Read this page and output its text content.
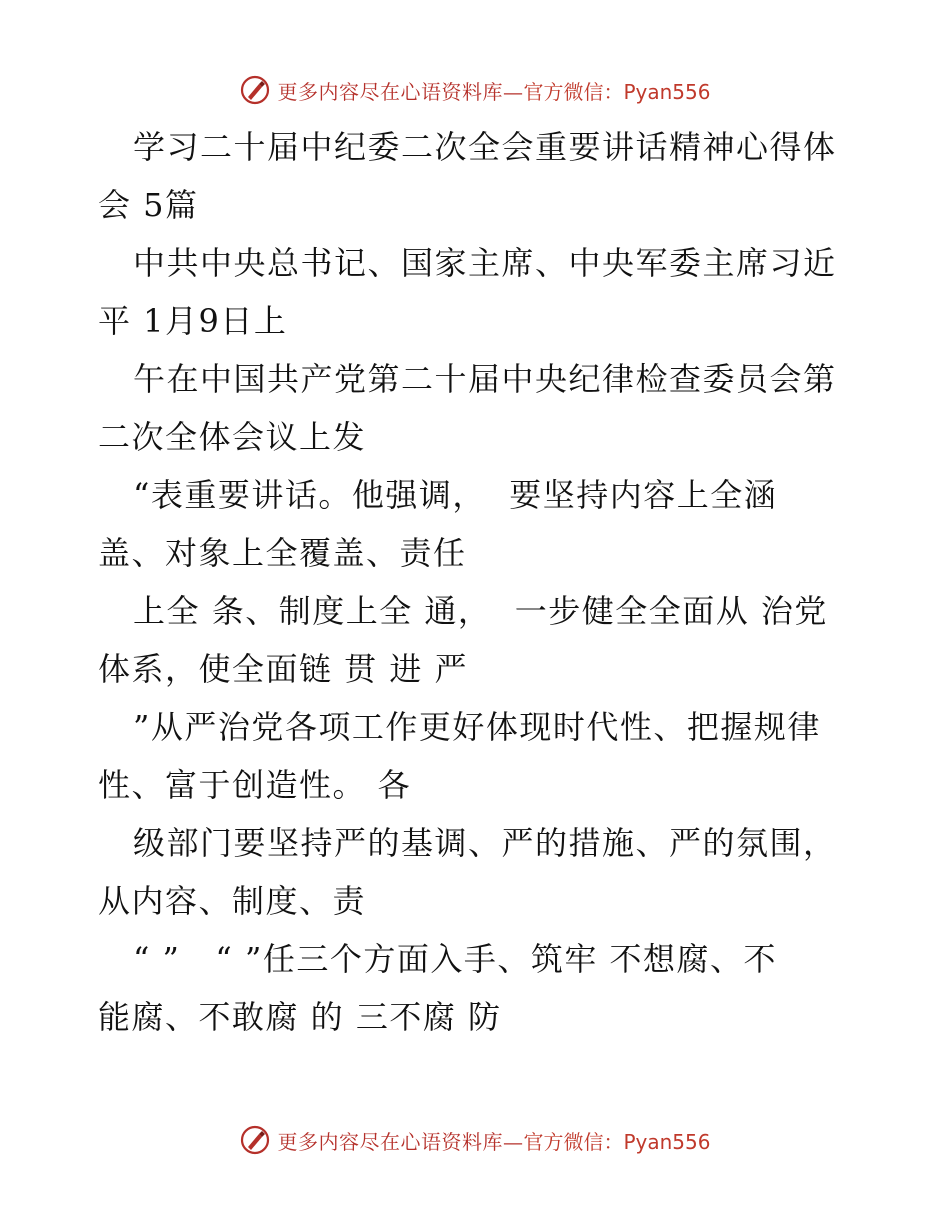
更多内容尽在心语资料库— 官方微信：Pyan556
学习二十届中纪委二次全会重要讲话精神心得体
会 5篇
中共中央总书记、国家主席、中央军委主席习近
平 1月9日上
午在中国共产党第二十届中央纪律检查委员会第
二次全体会议上发
“表重要讲话。他强调，  要坚持内容上全涵
盖、对象上全覆盖、责任
上全 条、制度上全 通，  一步健全全面从 治党
体系，使全面链 贯 进 严
”从严治党各项工作更好体现时代性、把握规律
性、富于创造性。 各
级部门要坚持严的基调、严的措施、严的氛围，
从内容、制度、责
“ ”   “ ”任三个方面入手、筑牢 不想腐、不
能腐、不敢腐 的 三不腐 防
更多内容尽在心语资料库— 官方微信：Pyan556
